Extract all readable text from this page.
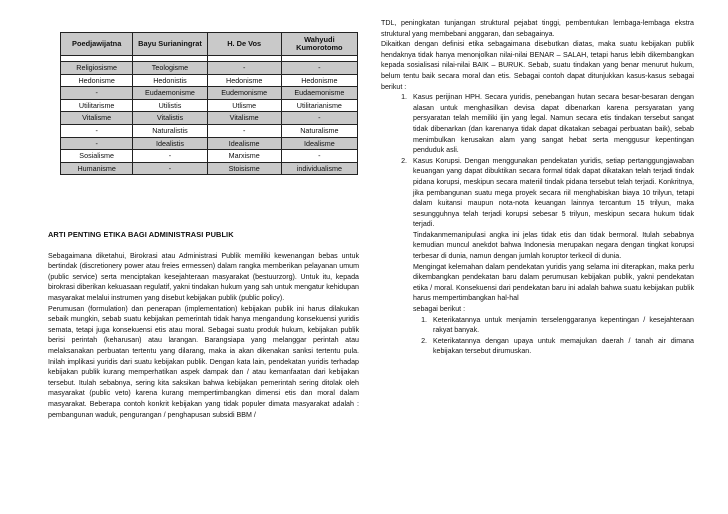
Poedjawijatna	Bayu Surianingrat	H. De Vos	Wahyudi Kumorotomo

Religiosisme	Teologisme	-	-
Hedonisme	Hedonistis	Hedonisme	Hedonisme
-	Eudaemonisme	Eudemonisme	Eudaemonisme
Utilitarisme	Utilistis	Utlisme	Utilitarianisme
Vitalisme	Vitalistis	Vitalisme	-
-	Naturalistis	-	Naturalisme
-	Idealistis	Idealisme	Idealisme
Sosialisme	-	Marxisme	-
Humanisme	-	Stoisisme	individualisme
ARTI PENTING ETIKA BAGI ADMINISTRASI PUBLIK

Sebagaimana diketahui, Birokrasi atau Administrasi Publik memiliki kewenangan bebas untuk bertindak (discretionery power atau freies ermessen) dalam rangka memberikan pelayanan umum (public service) serta menciptakan kesejahteraan masyarakat (bestuurzorg). Untuk itu, kepada birokrasi diberikan kekuasaan regulatif, yakni tindakan hukum yang sah untuk mengatur kehidupan masyarakat melalui instrumen yang disebut kebijakan publik (public policy).

Perumusan (formulation) dan penerapan (implementation) kebijakan publik ini harus dilakukan sebaik mungkin, sebab suatu kebijakan pemerintah tidak hanya mengandung konsekuensi yuridis semata, tetapi juga konsekuensi etis atau moral. Sebagai suatu produk hukum, kebijakan publik berisi perintah (keharusan) atau larangan. Barangsiapa yang melanggar perintah atau melaksanakan perbuatan tertentu yang dilarang, maka ia akan dikenakan sanksi tertentu pula. Inilah implikasi yuridis dari suatu kebijakan publik. Dengan kata lain, pendekatan yuridis terhadap kebijakan publik kurang memperhatikan aspek dampak dan / atau kemanfaatan dari kebijakan tersebut. Itulah sebabnya, sering kita saksikan bahwa kebijakan pemerintah sering ditolak oleh masyarakat (public veto) karena kurang mempertimbangkan dimensi etis dan moral dalam masyarakat. Beberapa contoh konkrit kebijakan yang tidak populer dimata masyarakat adalah : pembangunan waduk, pengurangan / penghapusan subsidi BBM /

TDL, peningkatan tunjangan struktural pejabat tinggi, pembentukan lembaga-lembaga ekstra struktural yang membebani anggaran, dan sebagainya.

Dikaitkan dengan definisi etika sebagaimana disebutkan diatas, maka suatu kebijakan publik hendaknya tidak hanya menonjolkan nilai-nilai BENAR – SALAH, tetapi harus lebih dikembangkan kepada sosialisasi nilai-nilai BAIK – BURUK. Sebab, suatu tindakan yang benar menurut hukum, belum tentu baik secara moral dan etis. Sebagai contoh dapat ditunjukkan kasus-kasus sebagai berikut :

1. Kasus perijinan HPH. Secara yuridis, penebangan hutan secara besar-besaran dengan alasan untuk menghasilkan devisa dapat dibenarkan karena persyaratan yang persyaratan telah memiliki ijin yang legal. Namun secara etis tindakan tersebut sangat tidak dibenarkan (dan karenanya tidak dapat dikatakan sebagai perbuatan baik), sebab menimbulkan kerusakan alam yang sangat hebat serta menggusur kepentingan penduduk asli.
2. Kasus Korupsi. Dengan menggunakan pendekatan yuridis, setiap pertanggungjawaban keuangan yang dapat dibuktikan secara formal tidak dapat dikatakan telah terjadi tindak pidana korupsi, meskipun secara materiil tindak pidana tersebut telah terjadi. Konkritnya, jika pembangunan suatu mega proyek secara riil menghabiskan biaya 10 trilyun, tetapi dalam kuitansi maupun nota-nota keuangan lainnya tercantum 15 trilyun, maka sesungguhnya telah terjadi korupsi sebesar 5 trilyun, meskipun secara hukum tidak terjadi.

Tindakanmemanipulasi angka ini jelas tidak etis dan tidak bermoral. Itulah sebabnya kemudian muncul anekdot bahwa Indonesia merupakan negara dengan tingkat korupsi terbesar di dunia, namun dengan jumlah koruptor terkecil di dunia.

Mengingat kelemahan dalam pendekatan yuridis yang selama ini diterapkan, maka perlu dikembangkan pendekatan baru dalam perumusan kebijakan publik, yakni pendekatan etika / moral. Konsekuensi dari pendekatan baru ini adalah bahwa suatu kebijakan publik harus mempertimbangkan hal-hal

sebagai berikut :

1. Keterikatannya untuk menjamin terselenggaranya kepentingan / kesejahteraan rakyat banyak.
2. Keterikatannya dengan upaya untuk memajukan daerah / tanah air dimana kebijakan tersebut dirumuskan.
